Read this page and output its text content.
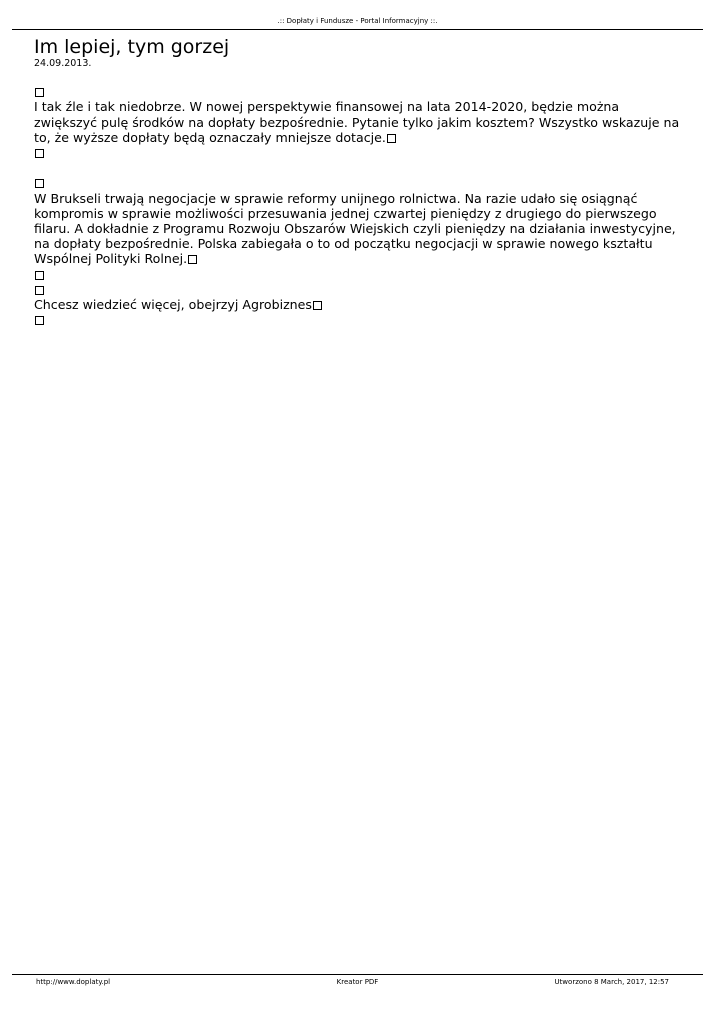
.:: Dopłaty i Fundusze - Portal Informacyjny ::.
Im lepiej, tym gorzej
24.09.2013.

I tak źle i tak niedobrze. W nowej perspektywie finansowej na lata 2014-2020, będzie można zwiększyć pulę środków na dopłaty bezpośrednie. Pytanie tylko jakim kosztem? Wszystko wskazuje na to, że wyższe dopłaty będą oznaczały mniejsze dotacje.

W Brukseli trwają negocjacje w sprawie reformy unijnego rolnictwa. Na razie udało się osiągnąć kompromis w sprawie możliwości przesuwania jednej czwartej pieniędzy z drugiego do pierwszego filaru. A dokładnie z Programu Rozwoju Obszarów Wiejskich czyli pieniędzy na działania inwestycyjne, na dopłaty bezpośrednie. Polska zabiegała o to od początku negocjacji w sprawie nowego kształtu Wspólnej Polityki Rolnej.

Chcesz wiedzieć więcej, obejrzyj Agrobiznes

http://www.doplaty.pl	Kreator PDF	Utworzono 8 March, 2017, 12:57
